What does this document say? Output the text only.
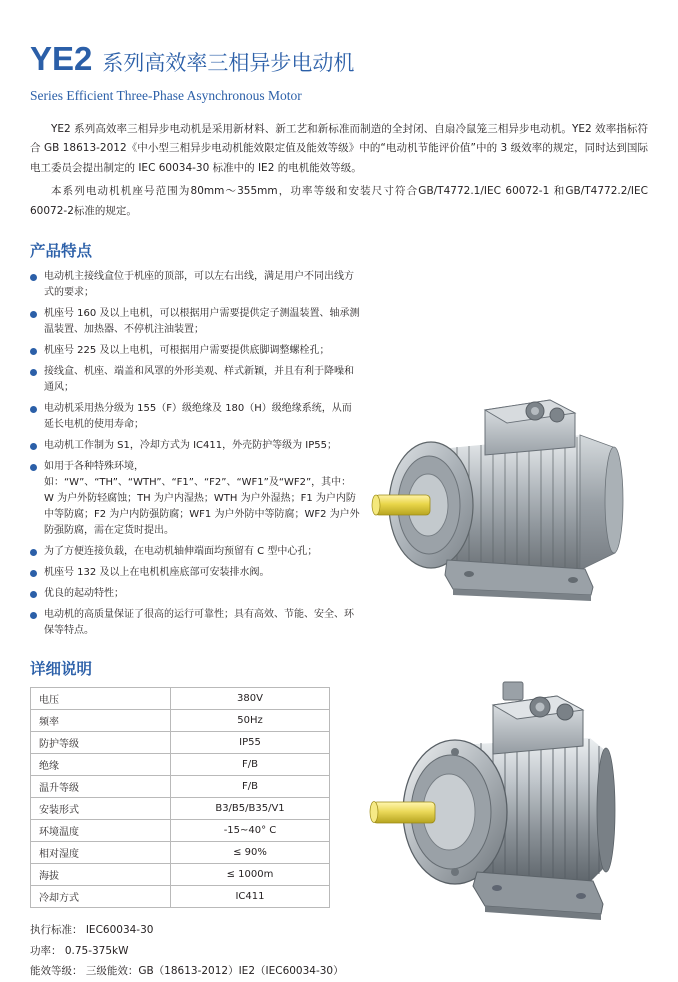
YE2 系列高效率三相异步电动机
Series Efficient Three-Phase Asynchronous Motor

YE2 系列高效率三相异步电动机是采用新材料、新工艺和新标准而制造的全封闭、自扇冷鼠笼三相异步电动机。YE2 效率指标符合 GB 18613-2012《中小型三相异步电动机能效限定值及能效等级》中的“电动机节能评价值”中的 3 级效率的规定，同时达到国际电工委员会提出制定的 IEC 60034-30 标准中的 IE2 的电机能效等级。

本系列电动机机座号范围为80mm～355mm，功率等级和安装尺寸符合GB/T4772.1/IEC 60072-1 和GB/T4772.2/IEC 60072-2标准的规定。

产品特点
电动机主接线盒位于机座的顶部，可以左右出线，满足用户不同出线方式的要求；
机座号 160 及以上电机，可以根据用户需要提供定子测温装置、轴承测温装置、加热器、不停机注油装置；
机座号 225 及以上电机，可根据用户需要提供底脚调整螺栓孔；
接线盒、机座、端盖和风罩的外形美观、样式新颖，并且有利于降噪和通风；
电动机采用热分级为 155（F）级绝缘及 180（H）级绝缘系统，从而延长电机的使用寿命；
电动机工作制为 S1，冷却方式为 IC411，外壳防护等级为 IP55；
如用于各种特殊环境，如：“W”、“TH”、“WTH”、“F1”、“F2”、“WF1”及“WF2”，其中：W 为户外防轻腐蚀；TH 为户内湿热；WTH 为户外湿热；F1 为户内防中等防腐；F2 为户内防强防腐；WF1 为户外防中等防腐；WF2 为户外防强防腐，需在定货时提出。
为了方便连接负载，在电动机轴伸端面均预留有 C 型中心孔；
机座号 132 及以上在电机机座底部可安装排水阀。
优良的起动特性；
电动机的高质量保证了很高的运行可靠性；具有高效、节能、安全、环保等特点。
详细说明
电压	380V
频率	50Hz
防护等级	IP55
绝缘	F/B
温升等级	F/B
安装形式	B3/B5/B35/V1
环境温度	-15~40° C
相对湿度	≤ 90%
海拔	≤ 1000m
冷却方式	IC411
执行标准： IEC60034-30
功率： 0.75-375kW
能效等级： 三级能效：GB（18613-2012）IE2（IEC60034-30）
